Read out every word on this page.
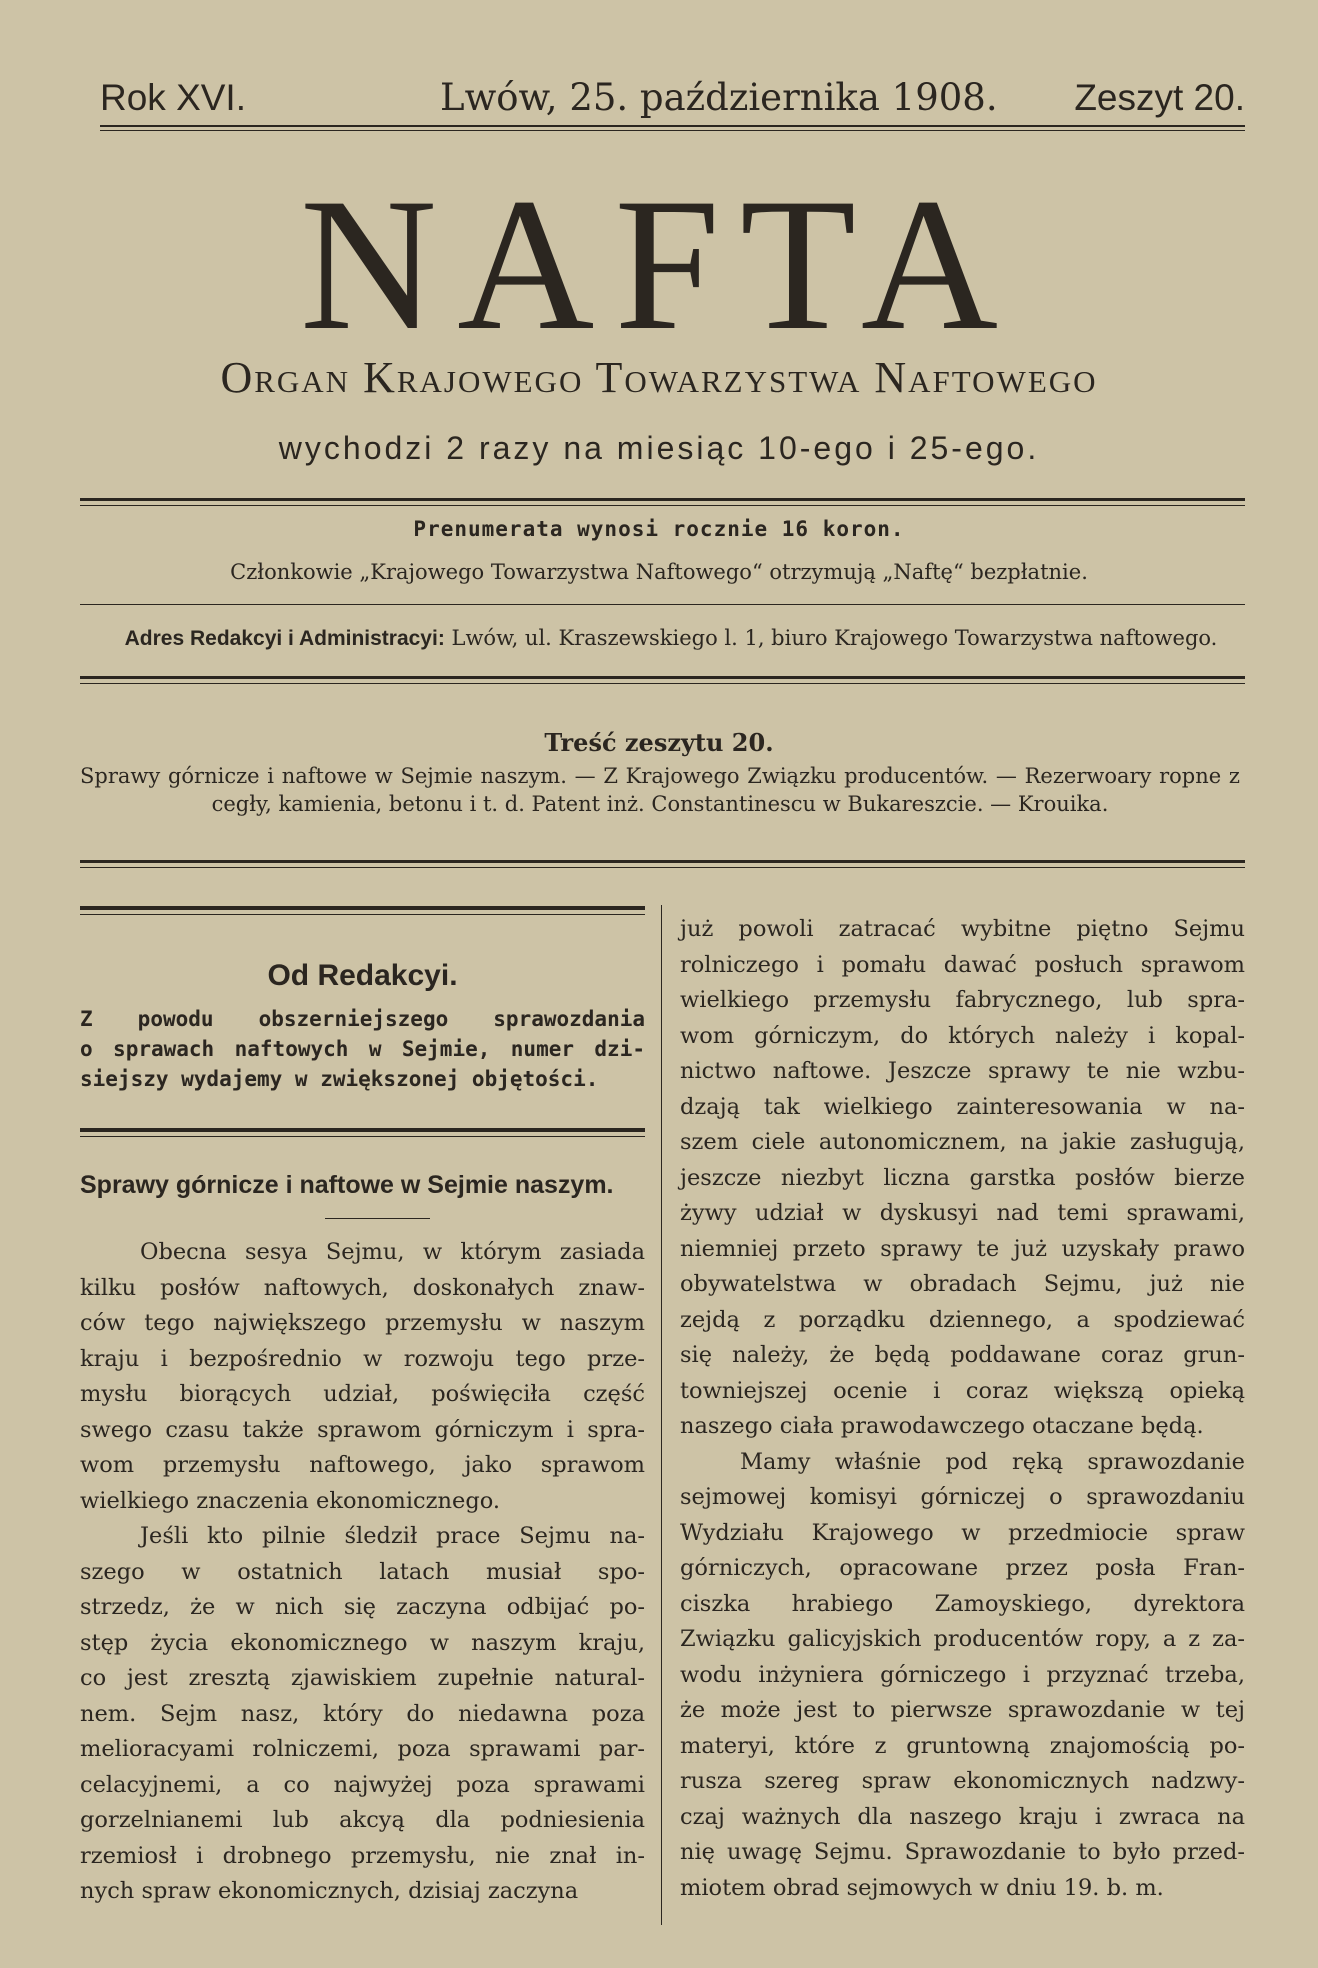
Rok XVI.	Lwów, 25. października 1908. Zeszyt 20.
NAFTA
Organ Krajowego Towarzystwa Naftowego
wychodzi 2 razy na miesiąc 10-ego i 25-ego.
Prenumerata wynosi rocznie 16 koron.
Członkowie „Krajowego Towarzystwa Naftowego“ otrzymują „Naftę“ bezpłatnie.
Adres Redakcyi i Administracyi: Lwów, ul. Kraszewskiego l. 1, biuro Krajowego Towarzystwa naftowego.
Treść zeszytu 20.
Sprawy górnicze i naftowe w Sejmie naszym. — Z Krajowego Związku producentów. — Rezerwoary ropne z cegły, kamienia, betonu i t. d. Patent inż. Constantinescu w Bukareszcie. — Krouika.
Od Redakcyi.
Z powodu obszerniejszego sprawozdania
o sprawach naftowych w Sejmie, numer dzi-
siejszy wydajemy w zwiększonej objętości.
Sprawy górnicze i naftowe w Sejmie naszym.
Obecna sesya Sejmu, w którym zasiada
kilku posłów naftowych, doskonałych znaw-
ców tego największego przemysłu w naszym
kraju i bezpośrednio w rozwoju tego prze-
mysłu biorących udział, poświęciła część
swego czasu także sprawom górniczym i spra-
wom przemysłu naftowego, jako sprawom
wielkiego znaczenia ekonomicznego.
Jeśli kto pilnie śledził prace Sejmu na-
szego w ostatnich latach musiał spo-
strzedz, że w nich się zaczyna odbijać po-
stęp życia ekonomicznego w naszym kraju,
co jest zresztą zjawiskiem zupełnie natural-
nem. Sejm nasz, który do niedawna poza
melioracyami rolniczemi, poza sprawami par-
celacyjnemi, a co najwyżej poza sprawami
gorzelnianemi lub akcyą dla podniesienia
rzemiosł i drobnego przemysłu, nie znał in-
nych spraw ekonomicznych, dzisiaj zaczyna
już powoli zatracać wybitne piętno Sejmu
rolniczego i pomału dawać posłuch sprawom
wielkiego przemysłu fabrycznego, lub spra-
wom górniczym, do których należy i kopal-
nictwo naftowe. Jeszcze sprawy te nie wzbu-
dzają tak wielkiego zainteresowania w na-
szem ciele autonomicznem, na jakie zasługują,
jeszcze niezbyt liczna garstka posłów bierze
żywy udział w dyskusyi nad temi sprawami,
niemniej przeto sprawy te już uzyskały prawo
obywatelstwa w obradach Sejmu, już nie
zejdą z porządku dziennego, a spodziewać
się należy, że będą poddawane coraz grun-
towniejszej ocenie i coraz większą opieką
naszego ciała prawodawczego otaczane będą.
Mamy właśnie pod ręką sprawozdanie
sejmowej komisyi górniczej o sprawozdaniu
Wydziału Krajowego w przedmiocie spraw
górniczych, opracowane przez posła Fran-
ciszka hrabiego Zamoyskiego, dyrektora
Związku galicyjskich producentów ropy, a z za-
wodu inżyniera górniczego i przyznać trzeba,
że może jest to pierwsze sprawozdanie w tej
materyi, które z gruntowną znajomością po-
rusza szereg spraw ekonomicznych nadzwy-
czaj ważnych dla naszego kraju i zwraca na
nię uwagę Sejmu. Sprawozdanie to było przed-
miotem obrad sejmowych w dniu 19. b. m.
